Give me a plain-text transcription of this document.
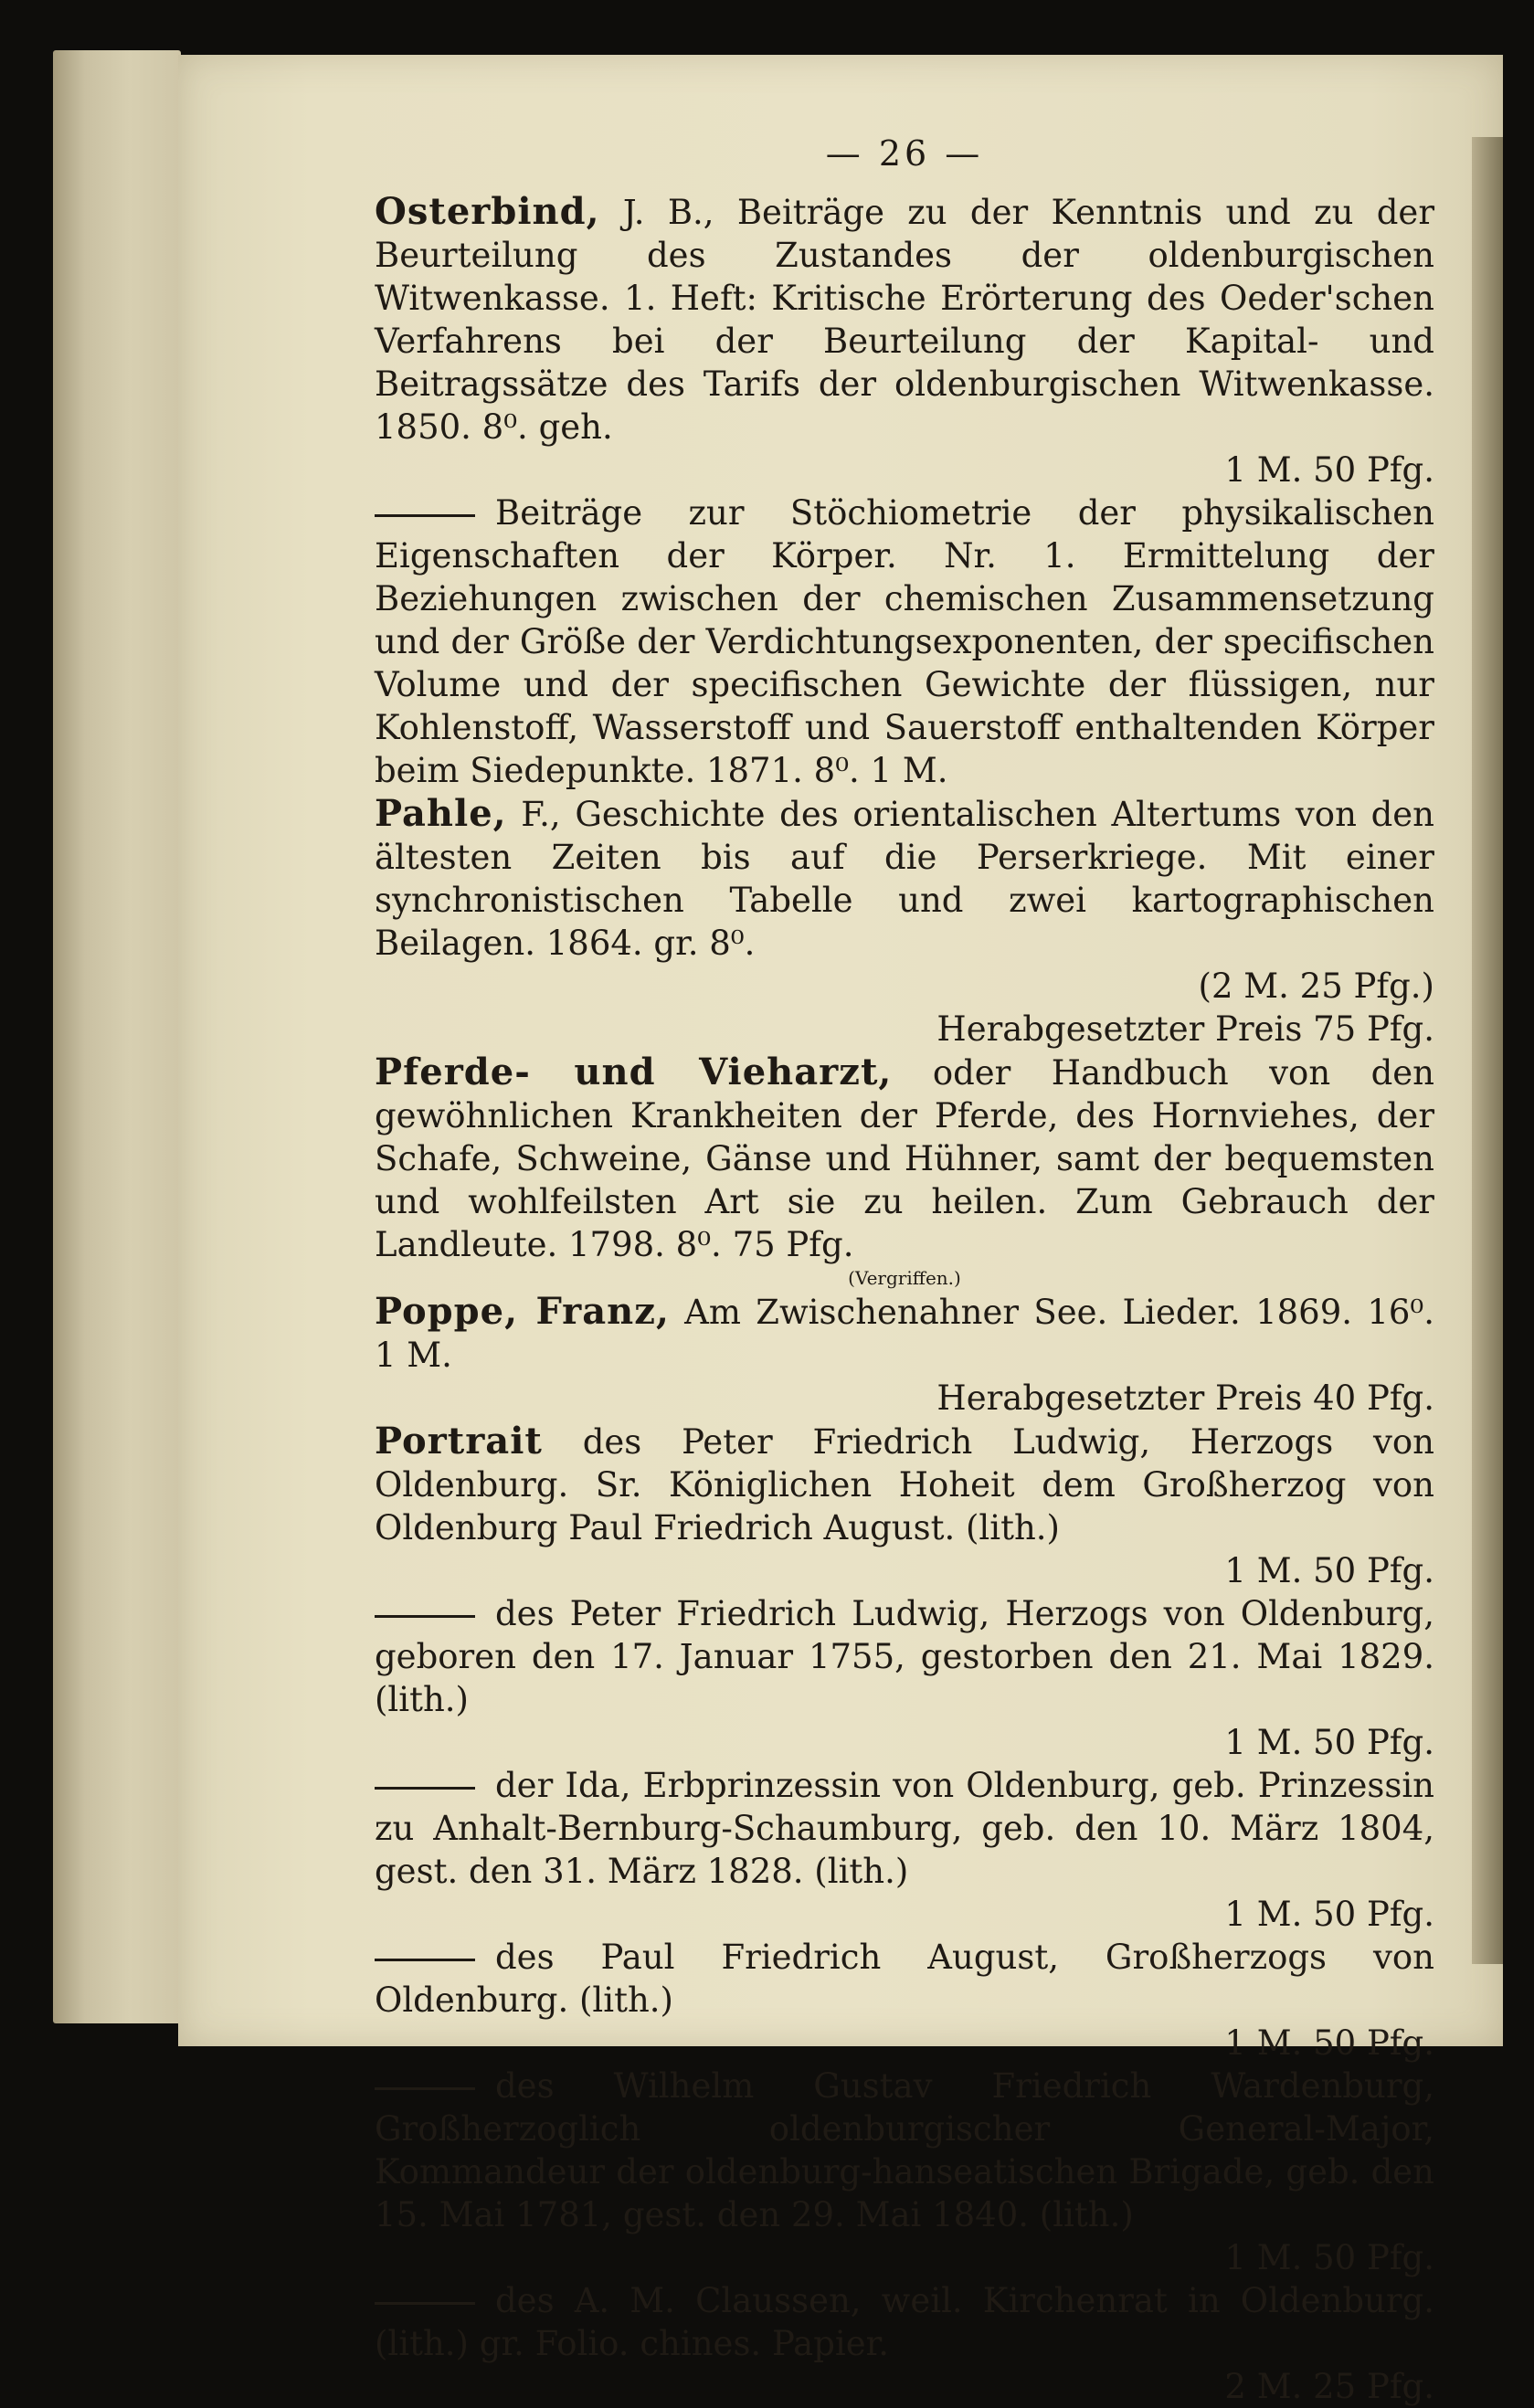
— 26 —

Osterbind, J. B., Beiträge zu der Kenntnis und zu der Beurteilung des Zustandes der oldenburgischen Witwenkasse. 1. Heft: Kritische Erörterung des Oeder'schen Verfahrens bei der Beurteilung der Kapital- und Beitragssätze des Tarifs der oldenburgischen Witwenkasse. 1850. 8⁰. geh.

1 M. 50 Pfg.

Beiträge zur Stöchiometrie der physikalischen Eigenschaften der Körper. Nr. 1. Ermittelung der Beziehungen zwischen der chemischen Zusammensetzung und der Größe der Verdichtungsexponenten, der specifischen Volume und der specifischen Gewichte der flüssigen, nur Kohlenstoff, Wasserstoff und Sauerstoff enthaltenden Körper beim Siedepunkte. 1871. 8⁰. 1 M.

Pahle, F., Geschichte des orientalischen Altertums von den ältesten Zeiten bis auf die Perserkriege. Mit einer synchronistischen Tabelle und zwei kartographischen Beilagen. 1864. gr. 8⁰.

(2 M. 25 Pfg.)

Herabgesetzter Preis 75 Pfg.

Pferde- und Vieharzt, oder Handbuch von den gewöhnlichen Krankheiten der Pferde, des Hornviehes, der Schafe, Schweine, Gänse und Hühner, samt der bequemsten und wohlfeilsten Art sie zu heilen. Zum Gebrauch der Landleute. 1798. 8⁰. 75 Pfg.

(Vergriffen.)

Poppe, Franz, Am Zwischenahner See. Lieder. 1869. 16⁰. 1 M.

Herabgesetzter Preis 40 Pfg.

Portrait des Peter Friedrich Ludwig, Herzogs von Oldenburg. Sr. Königlichen Hoheit dem Großherzog von Oldenburg Paul Friedrich August. (lith.)

1 M. 50 Pfg.

des Peter Friedrich Ludwig, Herzogs von Oldenburg, geboren den 17. Januar 1755, gestorben den 21. Mai 1829. (lith.)

1 M. 50 Pfg.

der Ida, Erbprinzessin von Oldenburg, geb. Prinzessin zu Anhalt-Bernburg-Schaumburg, geb. den 10. März 1804, gest. den 31. März 1828. (lith.)

1 M. 50 Pfg.

des Paul Friedrich August, Großherzogs von Oldenburg. (lith.)

1 M. 50 Pfg.

des Wilhelm Gustav Friedrich Wardenburg, Großherzoglich oldenburgischer General-Major, Kommandeur der oldenburg-hanseatischen Brigade, geb. den 15. Mai 1781, gest. den 29. Mai 1840. (lith.)

1 M. 50 Pfg.

des A. M. Claussen, weil. Kirchenrat in Oldenburg. (lith.) gr. Folio. chines. Papier.

2 M. 25 Pfg.
